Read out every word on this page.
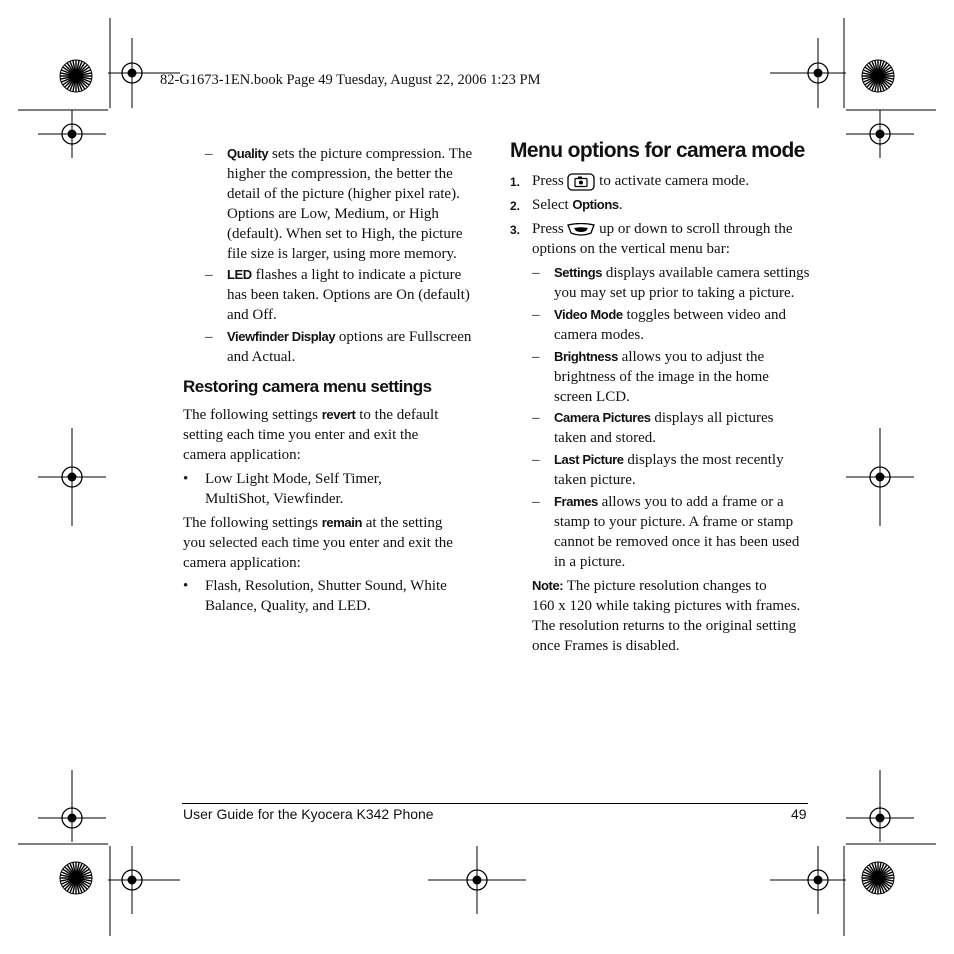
82-G1673-1EN.book Page 49 Tuesday, August 22, 2006 1:23 PM
– Quality sets the picture compression. The
higher the compression, the better the
detail of the picture (higher pixel rate).
Options are Low, Medium, or High
(default). When set to High, the picture
file size is larger, using more memory.
– LED flashes a light to indicate a picture
has been taken. Options are On (default)
and Off.
– Viewfinder Display options are Fullscreen
and Actual.
Restoring camera menu settings
The following settings revert to the default
setting each time you enter and exit the
camera application:
• Low Light Mode, Self Timer,
MultiShot, Viewfinder.
The following settings remain at the setting
you selected each time you enter and exit the
camera application:
• Flash, Resolution, Shutter Sound, White
Balance, Quality, and LED.
Menu options for camera mode
1. Press  to activate camera mode.
2. Select Options.
3. Press  up or down to scroll through the
options on the vertical menu bar:
– Settings displays available camera settings
you may set up prior to taking a picture.
– Video Mode toggles between video and
camera modes.
– Brightness allows you to adjust the
brightness of the image in the home
screen LCD.
– Camera Pictures displays all pictures
taken and stored.
– Last Picture displays the most recently
taken picture.
– Frames allows you to add a frame or a
stamp to your picture. A frame or stamp
cannot be removed once it has been used
in a picture.
Note: The picture resolution changes to
160 x 120 while taking pictures with frames.
The resolution returns to the original setting
once Frames is disabled.
User Guide for the Kyocera K342 Phone	49
